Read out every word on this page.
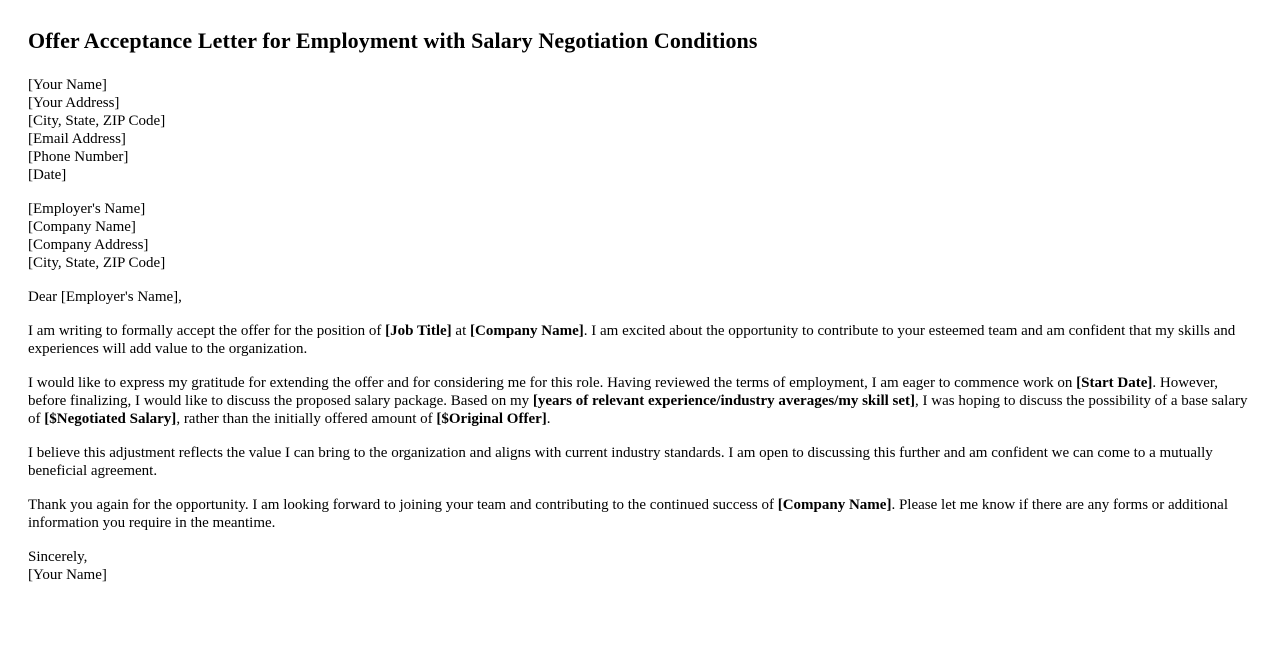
Offer Acceptance Letter for Employment with Salary Negotiation Conditions
[Your Name]
[Your Address]
[City, State, ZIP Code]
[Email Address]
[Phone Number]
[Date]
[Employer's Name]
[Company Name]
[Company Address]
[City, State, ZIP Code]
Dear [Employer's Name],
I am writing to formally accept the offer for the position of [Job Title] at [Company Name]. I am excited about the opportunity to contribute to your esteemed team and am confident that my skills and experiences will add value to the organization.
I would like to express my gratitude for extending the offer and for considering me for this role. Having reviewed the terms of employment, I am eager to commence work on [Start Date]. However, before finalizing, I would like to discuss the proposed salary package. Based on my [years of relevant experience/industry averages/my skill set], I was hoping to discuss the possibility of a base salary of [$Negotiated Salary], rather than the initially offered amount of [$Original Offer].
I believe this adjustment reflects the value I can bring to the organization and aligns with current industry standards. I am open to discussing this further and am confident we can come to a mutually beneficial agreement.
Thank you again for the opportunity. I am looking forward to joining your team and contributing to the continued success of [Company Name]. Please let me know if there are any forms or additional information you require in the meantime.
Sincerely,
[Your Name]
